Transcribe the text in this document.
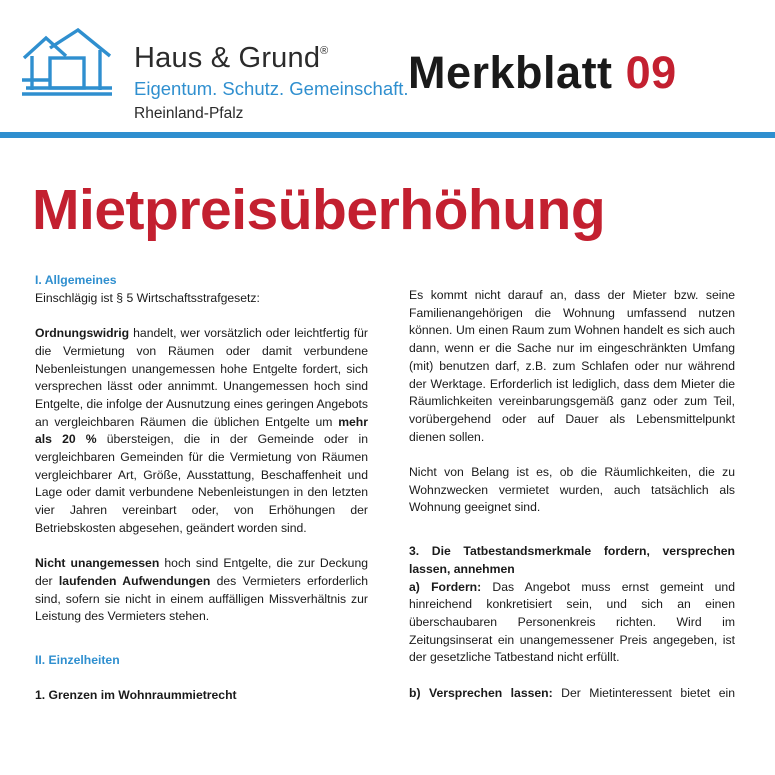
Haus & Grund®
Eigentum. Schutz. Gemeinschaft.
Rheinland-Pfalz
Merkblatt 09
Mietpreisüberhöhung

I. Allgemeines

Einschlägig ist § 5 Wirtschaftsstrafgesetz:

Ordnungswidrig handelt, wer vorsätzlich oder leichtfertig für die Vermietung von Räumen oder damit verbundene Nebenleistungen unangemessen hohe Entgelte fordert, sich versprechen lässt oder annimmt. Unangemessen hoch sind Entgelte, die infolge der Ausnutzung eines geringen Angebots an vergleichbaren Räumen die üblichen Entgelte um mehr als 20 % übersteigen, die in der Gemeinde oder in vergleichbaren Gemeinden für die Vermietung von Räumen vergleichbarer Art, Größe, Ausstattung, Beschaffenheit und Lage oder damit verbundene Nebenleistungen in den letzten vier Jahren vereinbart oder, von Erhöhungen der Betriebskosten abgesehen, geändert worden sind.

Nicht unangemessen hoch sind Entgelte, die zur Deckung der laufenden Aufwendungen des Vermieters erforderlich sind, sofern sie nicht in einem auffälligen Missverhältnis zur Leistung des Vermieters stehen.

II. Einzelheiten

1. Grenzen im Wohnraummietrecht

●

Es kommt nicht darauf an, dass der Mieter bzw. seine Familienangehörigen die Wohnung umfassend nutzen können. Um einen Raum zum Wohnen handelt es sich auch dann, wenn er die Sache nur im eingeschränkten Umfang (mit) benutzen darf, z.B. zum Schlafen oder nur während der Werktage. Erforderlich ist lediglich, dass dem Mieter die Räumlichkeiten vereinbarungsgemäß ganz oder zum Teil, vorübergehend oder auf Dauer als Lebensmittelpunkt dienen sollen.

Nicht von Belang ist es, ob die Räumlichkeiten, die zu Wohnzwecken vermietet wurden, auch tatsächlich als Wohnung geeignet sind.

3. Die Tatbestandsmerkmale fordern, versprechen lassen, annehmen

a) Fordern: Das Angebot muss ernst gemeint und hinreichend konkretisiert sein, und sich an einen überschaubaren Personenkreis richten. Wird im Zeitungsinserat ein unangemessener Preis angegeben, ist der gesetzliche Tatbestand nicht erfüllt.

b) Versprechen lassen: Der Mietinteressent bietet ein
